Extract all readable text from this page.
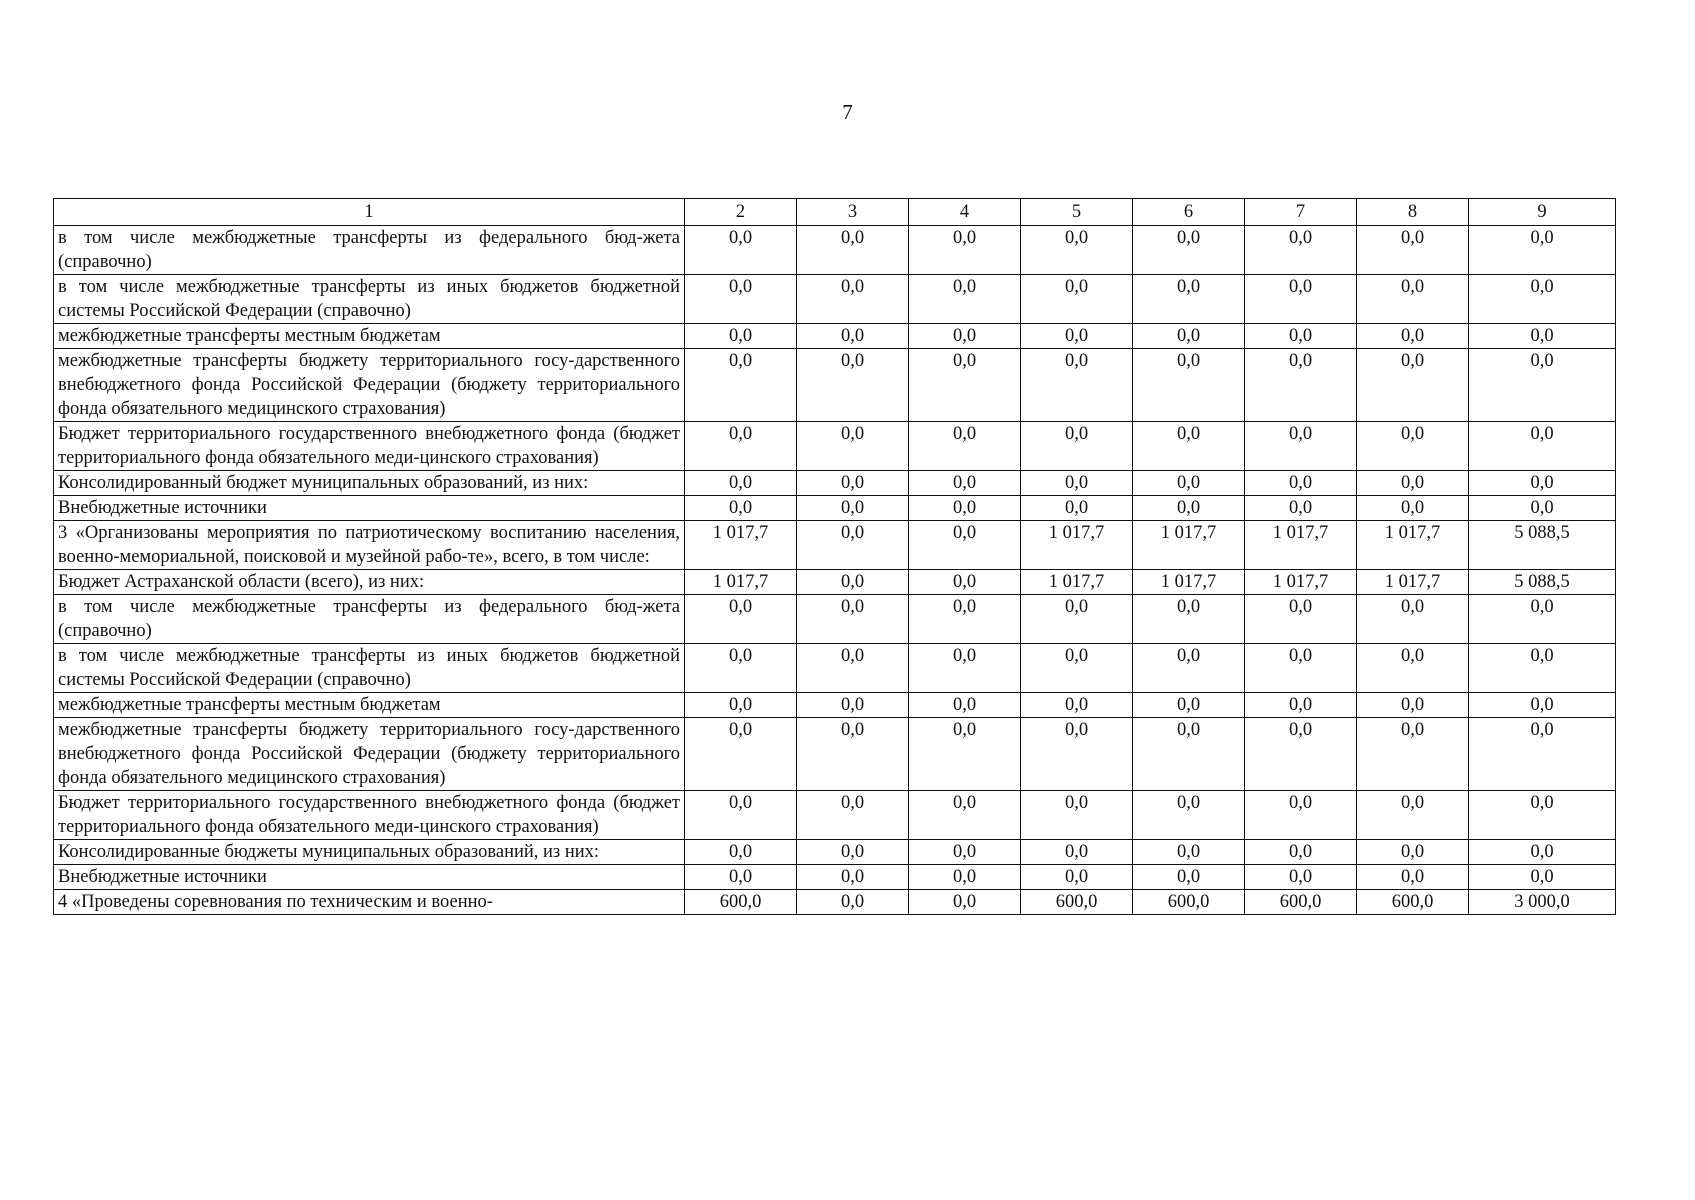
7
1	2	3	4	5	6	7	8	9
в том числе межбюджетные трансферты из федерального бюд-жета (справочно)	0,0	0,0	0,0	0,0	0,0	0,0	0,0	0,0
в том числе межбюджетные трансферты из иных бюджетов бюджетной системы Российской Федерации (справочно)	0,0	0,0	0,0	0,0	0,0	0,0	0,0	0,0
межбюджетные трансферты местным бюджетам	0,0	0,0	0,0	0,0	0,0	0,0	0,0	0,0
межбюджетные трансферты бюджету территориального госу-дарственного внебюджетного фонда Российской Федерации (бюджету территориального фонда обязательного медицинского страхования)	0,0	0,0	0,0	0,0	0,0	0,0	0,0	0,0
Бюджет территориального государственного внебюджетного фонда (бюджет территориального фонда обязательного меди-цинского страхования)	0,0	0,0	0,0	0,0	0,0	0,0	0,0	0,0
Консолидированный бюджет муниципальных образований, из них:	0,0	0,0	0,0	0,0	0,0	0,0	0,0	0,0
Внебюджетные источники	0,0	0,0	0,0	0,0	0,0	0,0	0,0	0,0
3 «Организованы мероприятия по патриотическому воспитанию населения, военно-мемориальной, поисковой и музейной рабо-те», всего, в том числе:	1 017,7	0,0	0,0	1 017,7	1 017,7	1 017,7	1 017,7	5 088,5
Бюджет Астраханской области (всего), из них:	1 017,7	0,0	0,0	1 017,7	1 017,7	1 017,7	1 017,7	5 088,5
в том числе межбюджетные трансферты из федерального бюд-жета (справочно)	0,0	0,0	0,0	0,0	0,0	0,0	0,0	0,0
в том числе межбюджетные трансферты из иных бюджетов бюджетной системы Российской Федерации (справочно)	0,0	0,0	0,0	0,0	0,0	0,0	0,0	0,0
межбюджетные трансферты местным бюджетам	0,0	0,0	0,0	0,0	0,0	0,0	0,0	0,0
межбюджетные трансферты бюджету территориального госу-дарственного внебюджетного фонда Российской Федерации (бюджету территориального фонда обязательного медицинского страхования)	0,0	0,0	0,0	0,0	0,0	0,0	0,0	0,0
Бюджет территориального государственного внебюджетного фонда (бюджет территориального фонда обязательного меди-цинского страхования)	0,0	0,0	0,0	0,0	0,0	0,0	0,0	0,0
Консолидированные бюджеты муниципальных образований, из них:	0,0	0,0	0,0	0,0	0,0	0,0	0,0	0,0
Внебюджетные источники	0,0	0,0	0,0	0,0	0,0	0,0	0,0	0,0
4 «Проведены соревнования по техническим и военно-	600,0	0,0	0,0	600,0	600,0	600,0	600,0	3 000,0
